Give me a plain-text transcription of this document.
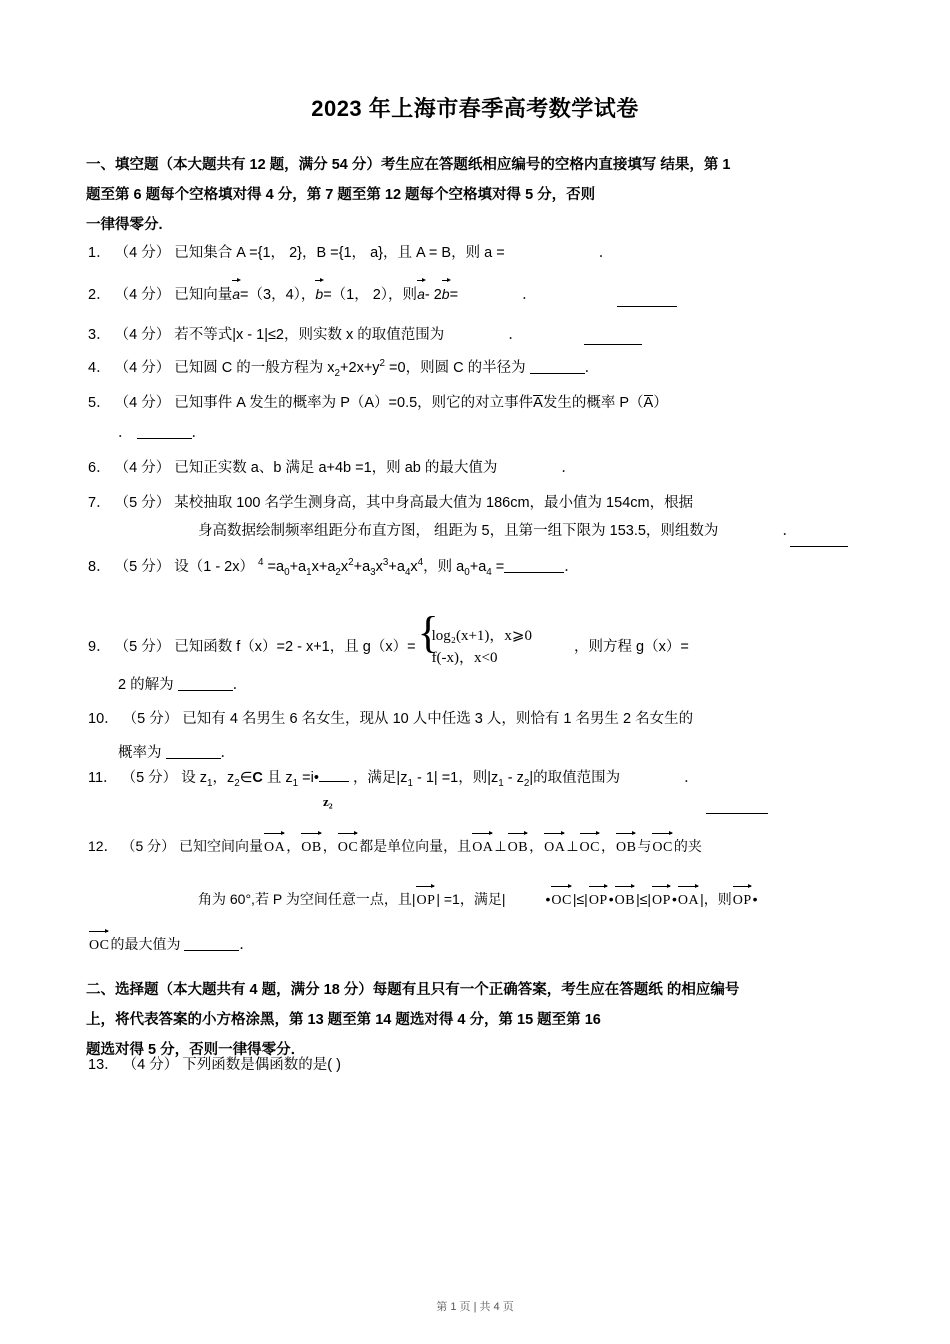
2023 年上海市春季高考数学试卷
一、填空题（本大题共有 12 题，满分 54 分）考生应在答题纸相应编号的空格内直接填写 结果，第 1
题至第 6 题每个空格填对得 4 分，第 7 题至第 12 题每个空格填对得 5 分，否则
一律得零分.
1． （4 分） 已知集合 A ={1， 2}，B ={1， a}，且 A = B，则 a =	．
2． （4 分） 已知向量a=（3，4），b=（1， 2），则a- 2b=	．
3． （4 分） 若不等式|x - 1|≤2，则实数 x 的取值范围为	．
4． （4 分） 已知圆 C 的一般方程为 $x_2+2x+y^2 =0$，则圆 C 的半径为	．
5． （4 分） 已知事件 A 发生的概率为 P（A）=0.5，则它的对立事件A发生的概率 P（A）
．	．
6． （4 分） 已知正实数 a、b 满足 a+4b =1，则 ab 的最大值为	．
7． （5 分） 某校抽取 100 名学生测身高，其中身高最大值为 186cm，最小值为 154cm，根据
身高数据绘制频率组距分布直方图， 组距为 5，且第一组下限为 153.5，则组数为	．
8． （5 分） 设（1 - 2x） $^4 =a_0+a_1x+a_2x^2+a_3x^3+a_4x^4$，则 $a_0+a_4$ =	．
9． （5 分） 已知函数 f（x）=2 - x+1，且 g（x）= {
log₂(x+1)，x⩾0
f(-x)，x<0
，则方程 g（x）=
2 的解为	．
10． （5 分） 已知有 4 名男生 6 名女生，现从 10 人中任选 3 人，则恰有 1 名男生 2 名女生的
概率为	．
11． （5 分） 设 $z_1$，$z_2\in C$ 且 $z_1$ =i•
z₂
，满足$|z_1 - 1| =1$，则$|z_1 - z_2|$的取值范围为	．
12． （5 分） 已知空间向量OA，OB，OC都是单位向量，且OA⊥OB，OA⊥OC，OB与OC的夹
角为 60°,若 P 为空间任意一点，且|OP| =1，满足|	•OC|≤|OP•OB|≤|OP•OA|，则OP•
OC的最大值为	．
二、选择题（本大题共有 4 题，满分 18 分）每题有且只有一个正确答案，考生应在答题纸 的相应编号
上，将代表答案的小方格涂黑，第 13 题至第 14 题选对得 4 分，第 15 题至第 16
题选对得 5 分，否则一律得零分．
13． （4 分） 下列函数是偶函数的是( )
第 1 页 | 共 4 页
